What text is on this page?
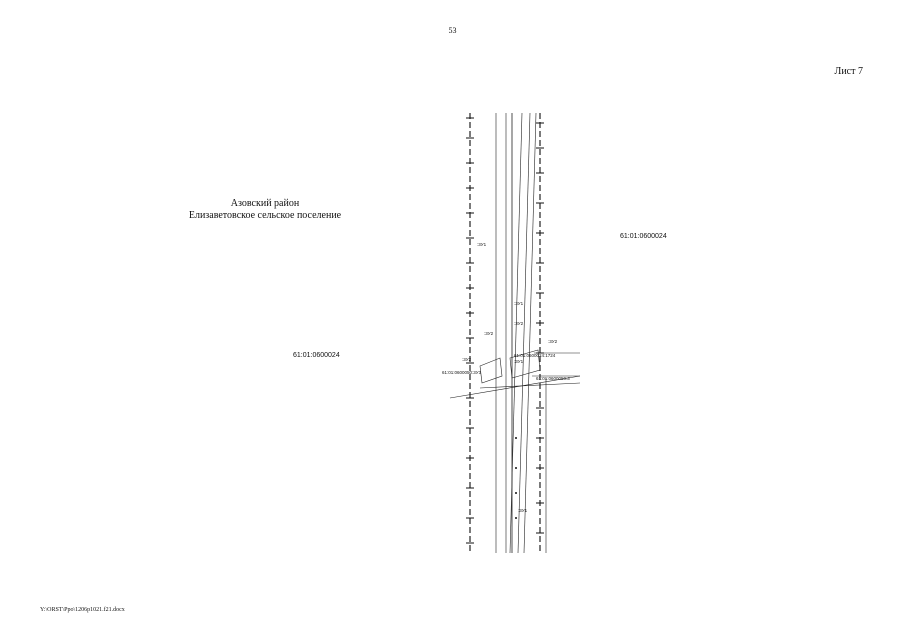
53
Лист 7
Азовский район
Елизаветовское сельское поселение
61:01:0600024
61:01:0600024
Y:\ORST\Ppo\1206p1021.f21.docx
:3У1
:3У1
:3У2
:3У2
:3У1
:3У2
61:01:0600024:1724
61:01:0600050:3
61:01:0600050:3У3
:3У2
:3У1
